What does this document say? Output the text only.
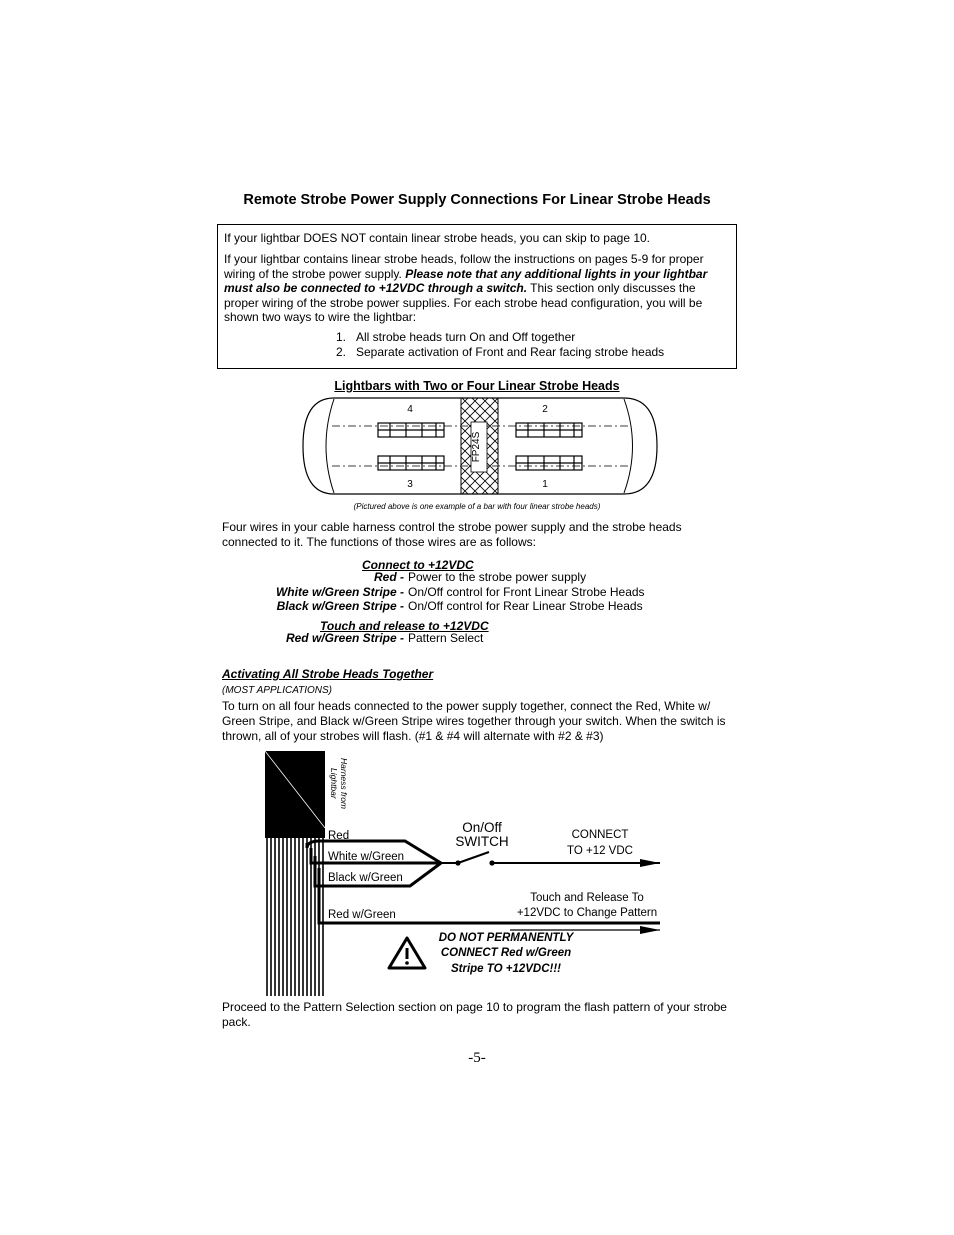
Remote Strobe Power Supply Connections For Linear Strobe Heads

If your lightbar DOES NOT contain linear strobe heads, you can skip to page 10.

If your lightbar contains linear strobe heads, follow the instructions on pages 5-9 for proper wiring of the strobe power supply. Please note that any additional lights in your lightbar must also be connected to +12VDC through a switch. This section only discusses the proper wiring of the strobe power supplies. For each strobe head configuration, you will be shown two ways to wire the lightbar:

1. All strobe heads turn On and Off together
2. Separate activation of Front and Rear facing strobe heads
Lightbars with Two or Four Linear Strobe Heads
FP24S
4	2
3	1
(Pictured above is one example of a bar with four linear strobe heads)
Four wires in your cable harness control the strobe power supply and the strobe heads connected to it. The functions of those wires are as follows:
Connect to +12VDC
Red - Power to the strobe power supply
White w/Green Stripe - On/Off control for Front Linear Strobe Heads
Black w/Green Stripe - On/Off control for Rear Linear Strobe Heads
Touch and release to +12VDC
Red w/Green Stripe - Pattern Select
Activating All Strobe Heads Together
(MOST APPLICATIONS)
To turn on all four heads connected to the power supply together, connect the Red, White w/ Green Stripe, and Black w/Green Stripe wires together through your switch. When the switch is thrown, all of your strobes will flash. (#1 & #4 will alternate with #2 & #3)
Harness from
Lightbar
Red
White w/Green
Black w/Green
Red w/Green
On/Off
SWITCH	CONNECT
TO +12 VDC
Touch and Release To
+12VDC to Change Pattern
DO NOT PERMANENTLY
CONNECT Red w/Green
Stripe TO +12VDC!!!
Proceed to the Pattern Selection section on page 10 to program the flash pattern of your strobe pack.
-5-
